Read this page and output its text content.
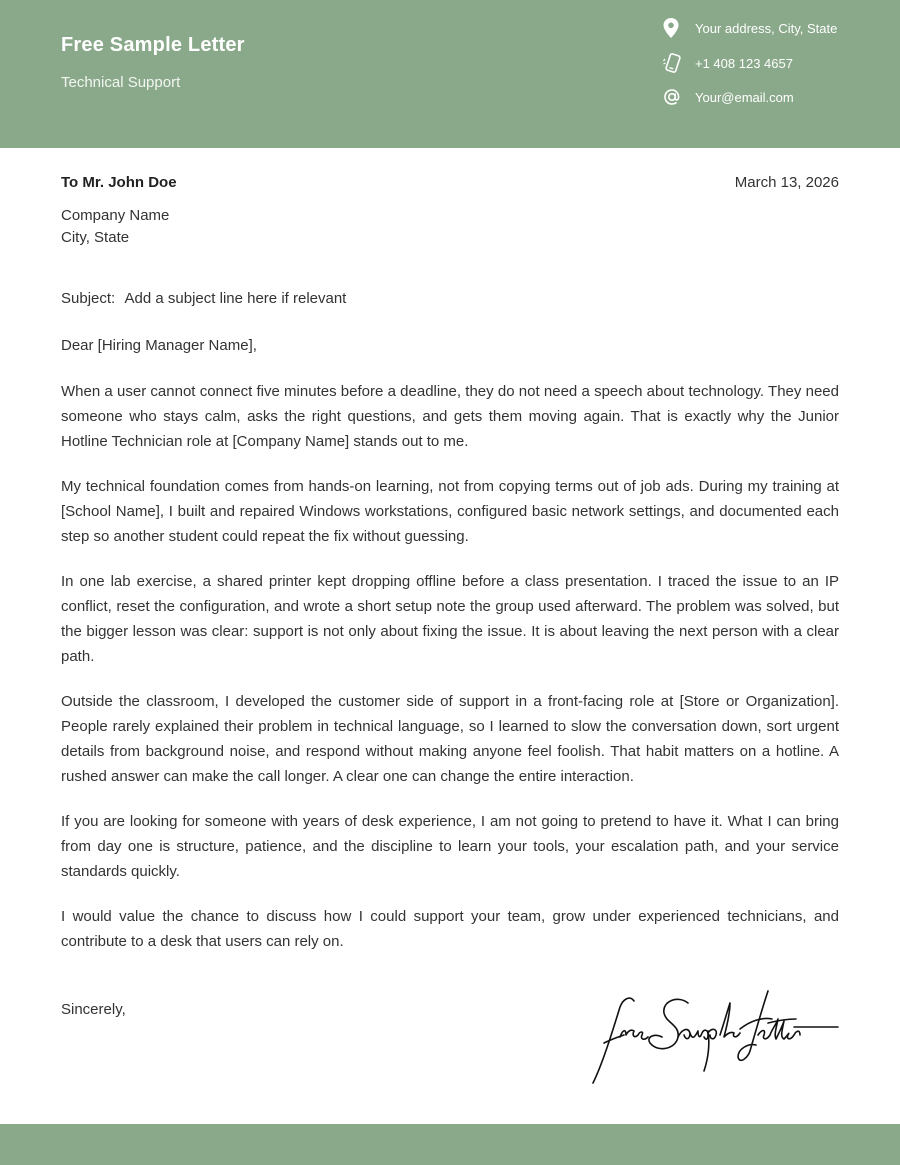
Free Sample Letter
Technical Support
Your address, City, State
+1 408 123 4657
Your@email.com
To Mr. John Doe	March 13, 2026
Company Name
City, State
Subject: Add a subject line here if relevant
Dear [Hiring Manager Name],

When a user cannot connect five minutes before a deadline, they do not need a speech about technology. They need someone who stays calm, asks the right questions, and gets them moving again. That is exactly why the Junior Hotline Technician role at [Company Name] stands out to me.

My technical foundation comes from hands-on learning, not from copying terms out of job ads. During my training at [School Name], I built and repaired Windows workstations, configured basic network settings, and documented each step so another student could repeat the fix without guessing.

In one lab exercise, a shared printer kept dropping offline before a class presentation. I traced the issue to an IP conflict, reset the configuration, and wrote a short setup note the group used afterward. The problem was solved, but the bigger lesson was clear: support is not only about fixing the issue. It is about leaving the next person with a clear path.

Outside the classroom, I developed the customer side of support in a front-facing role at [Store or Organization]. People rarely explained their problem in technical language, so I learned to slow the conversation down, sort urgent details from background noise, and respond without making anyone feel foolish. That habit matters on a hotline. A rushed answer can make the call longer. A clear one can change the entire interaction.

If you are looking for someone with years of desk experience, I am not going to pretend to have it. What I can bring from day one is structure, patience, and the discipline to learn your tools, your escalation path, and your service standards quickly.

I would value the chance to discuss how I could support your team, grow under experienced technicians, and contribute to a desk that users can rely on.

Sincerely,
